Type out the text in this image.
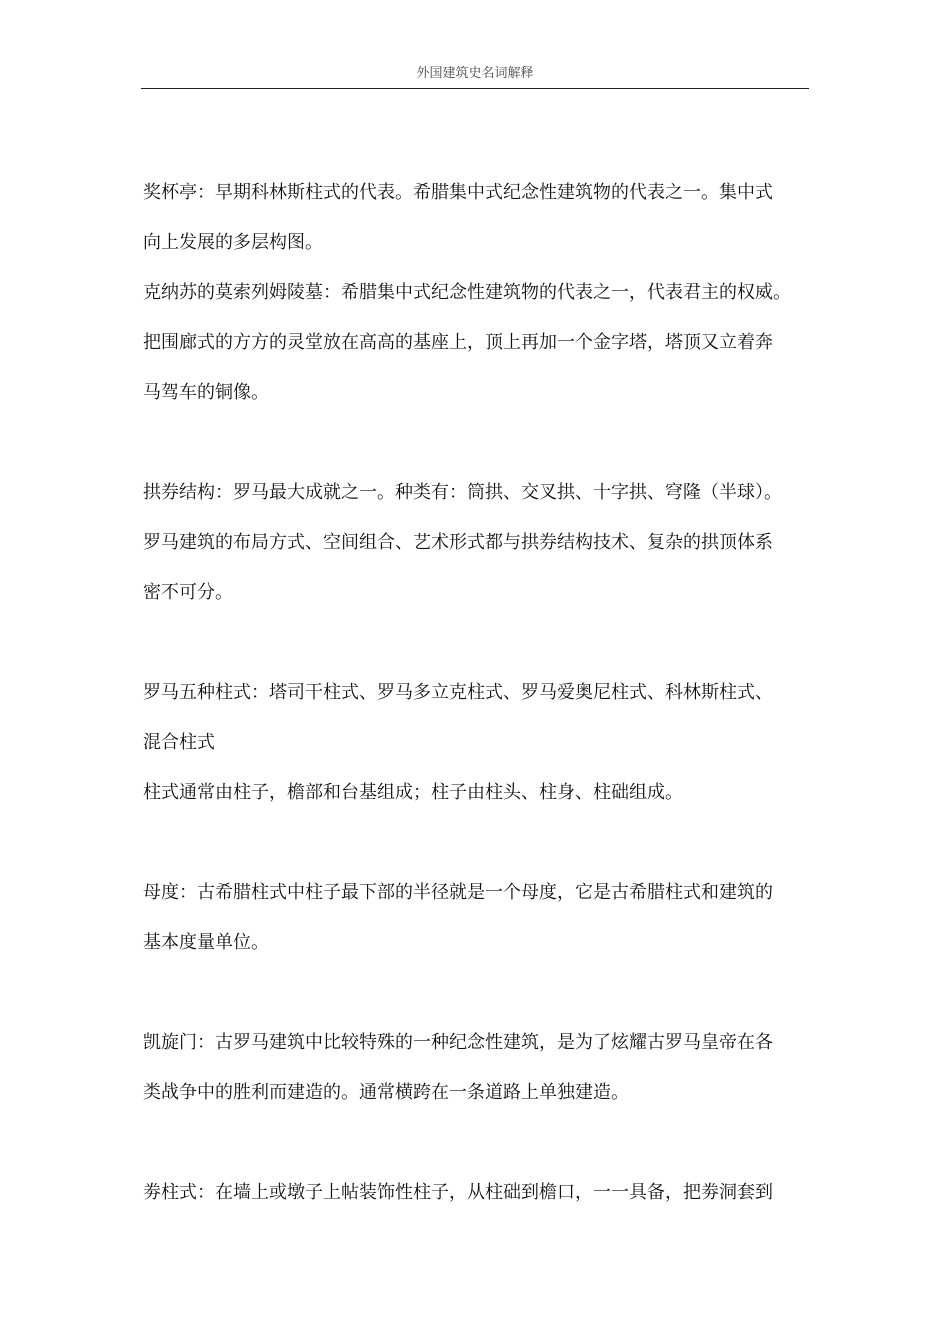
外国建筑史名词解释
奖杯亭：早期科林斯柱式的代表。希腊集中式纪念性建筑物的代表之一。集中式
向上发展的多层构图。
克纳苏的莫索列姆陵墓：希腊集中式纪念性建筑物的代表之一，代表君主的权威。
把围廊式的方方的灵堂放在高高的基座上，顶上再加一个金字塔，塔顶又立着奔
马驾车的铜像。
拱券结构：罗马最大成就之一。种类有：筒拱、交叉拱、十字拱、穹隆（半球）。
罗马建筑的布局方式、空间组合、艺术形式都与拱券结构技术、复杂的拱顶体系
密不可分。
罗马五种柱式：塔司干柱式、罗马多立克柱式、罗马爱奥尼柱式、科林斯柱式、
混合柱式
柱式通常由柱子，檐部和台基组成；柱子由柱头、柱身、柱础组成。
母度：古希腊柱式中柱子最下部的半径就是一个母度，它是古希腊柱式和建筑的
基本度量单位。
凯旋门：古罗马建筑中比较特殊的一种纪念性建筑，是为了炫耀古罗马皇帝在各
类战争中的胜利而建造的。通常横跨在一条道路上单独建造。
劵柱式：在墙上或墩子上帖装饰性柱子，从柱础到檐口，一一具备，把劵洞套到
